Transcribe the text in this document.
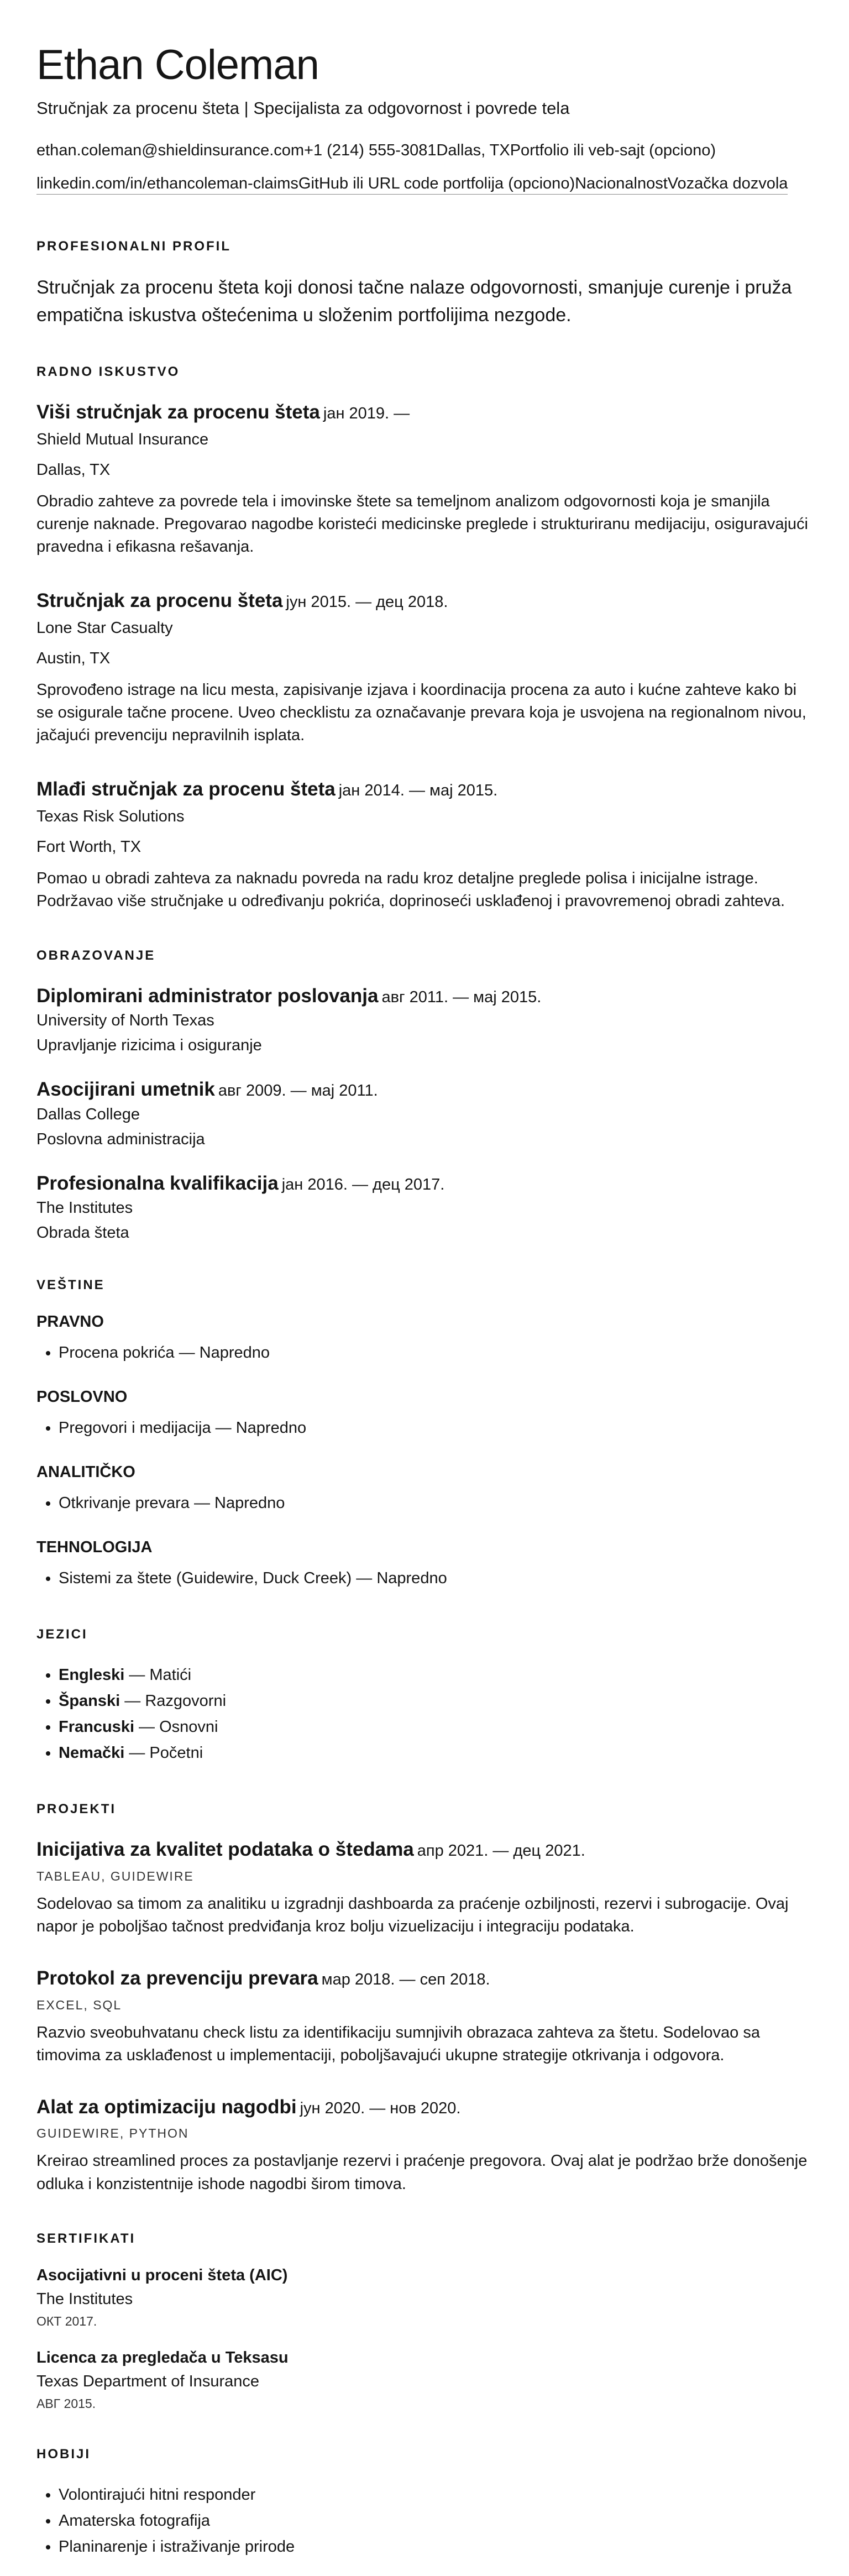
Ethan Coleman
Stručnjak za procenu šteta | Specijalista za odgovornost i povrede tela
ethan.coleman@shieldinsurance.com+1 (214) 555-3081Dallas, TXPortfolio ili veb-sajt (opciono)
linkedin.com/in/ethancoleman-claimsGitHub ili URL code portfolija (opciono)NacionalnostVozačka dozvola
PROFESIONALNI PROFIL

Stručnjak za procenu šteta koji donosi tačne nalaze odgovornosti, smanjuje curenje i pruža empatična iskustva oštećenima u složenim portfolijima nezgode.

RADNO ISKUSTVO
Viši stručnjak za procenu šteta јан 2019. —
Shield Mutual Insurance
Dallas, TX

Obradio zahteve za povrede tela i imovinske štete sa temeljnom analizom odgovornosti koja je smanjila curenje naknade. Pregovarao nagodbe koristeći medicinske preglede i strukturiranu medijaciju, osiguravajući pravedna i efikasna rešavanja.

Stručnjak za procenu šteta јун 2015. — дец 2018.
Lone Star Casualty
Austin, TX

Sprovođeno istrage na licu mesta, zapisivanje izjava i koordinacija procena za auto i kućne zahteve kako bi se osigurale tačne procene. Uveo checklistu za označavanje prevara koja je usvojena na regionalnom nivou, jačajući prevenciju nepravilnih isplata.

Mlađi stručnjak za procenu šteta јан 2014. — мај 2015.
Texas Risk Solutions
Fort Worth, TX

Pomao u obradi zahteva za naknadu povreda na radu kroz detaljne preglede polisa i inicijalne istrage. Podržavao više stručnjake u određivanju pokrića, doprinoseći usklađenoj i pravovremenoj obradi zahteva.

OBRAZOVANJE
Diplomirani administrator poslovanja авг 2011. — мај 2015.
University of North Texas
Upravljanje rizicima i osiguranje
Asocijirani umetnik авг 2009. — мај 2011.
Dallas College
Poslovna administracija
Profesionalna kvalifikacija јан 2016. — дец 2017.
The Institutes
Obrada šteta
VEŠTINE
PRAVNO
• Procena pokrića — Napredno
POSLOVNO
• Pregovori i medijacija — Napredno
ANALITIČKO
• Otkrivanje prevara — Napredno
TEHNOLOGIJA
• Sistemi za štete (Guidewire, Duck Creek) — Napredno
JEZICI
• Engleski — Matići
• Španski — Razgovorni
• Francuski — Osnovni
• Nemački — Početni
PROJEKTI
Inicijativa za kvalitet podataka o štedama апр 2021. — дец 2021.
TABLEAU, GUIDEWIRE

Sodelovao sa timom za analitiku u izgradnji dashboarda za praćenje ozbiljnosti, rezervi i subrogacije. Ovaj napor je poboljšao tačnost predviđanja kroz bolju vizuelizaciju i integraciju podataka.

Protokol za prevenciju prevara мар 2018. — сеп 2018.
EXCEL, SQL

Razvio sveobuhvatanu check listu za identifikaciju sumnjivih obrazaca zahteva za štetu. Sodelovao sa timovima za usklađenost u implementaciji, poboljšavajući ukupne strategije otkrivanja i odgovora.

Alat za optimizaciju nagodbi јун 2020. — нов 2020.
GUIDEWIRE, PYTHON

Kreirao streamlined proces za postavljanje rezervi i praćenje pregovora. Ovaj alat je podržao brže donošenje odluka i konzistentnije ishode nagodbi širom timova.

SERTIFIKATI
Asocijativni u proceni šteta (AIC)
The Institutes
ОКТ 2017.
Licenca za pregledača u Teksasu
Texas Department of Insurance
АВГ 2015.
HOBIJI
• Volontirajući hitni responder
• Amaterska fotografija
• Planinarenje i istraživanje prirode
